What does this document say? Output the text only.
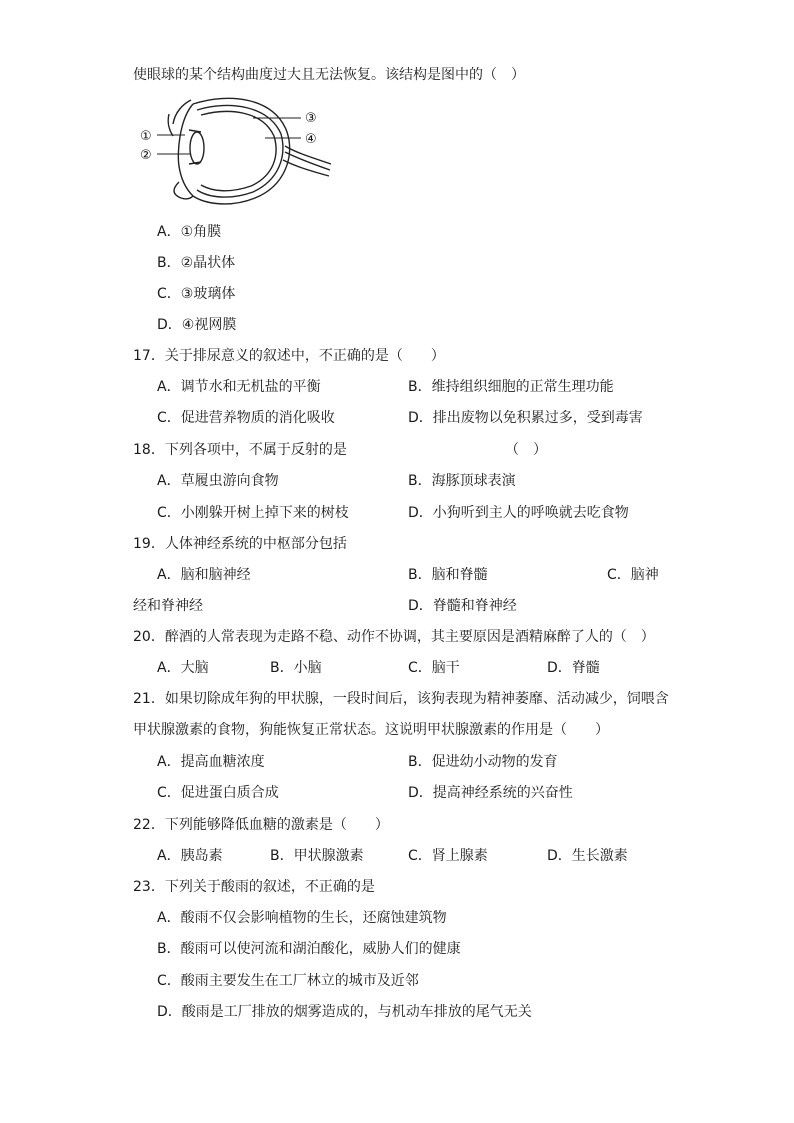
使眼球的某个结构曲度过大且无法恢复。该结构是图中的（　）
①
②
③
④
A．①角膜
B．②晶状体
C．③玻璃体
D．④视网膜
17．关于排尿意义的叙述中，不正确的是（　　）
A．调节水和无机盐的平衡	B．维持组织细胞的正常生理功能
C．促进营养物质的消化吸收	D．排出废物以免积累过多，受到毒害
18．下列各项中，不属于反射的是	（　）
A．草履虫游向食物	B．海豚顶球表演
C．小刚躲开树上掉下来的树枝	D．小狗听到主人的呼唤就去吃食物
19．人体神经系统的中枢部分包括
A．脑和脑神经	B．脑和脊髓	C．脑神
经和脊神经	D．脊髓和脊神经
20．醉酒的人常表现为走路不稳、动作不协调，其主要原因是酒精麻醉了人的（　）
A．大脑	B．小脑	C．脑干	D．脊髓
21．如果切除成年狗的甲状腺，一段时间后，该狗表现为精神萎靡、活动减少，饲喂含
甲状腺激素的食物，狗能恢复正常状态。这说明甲状腺激素的作用是（　　）
A．提高血糖浓度	B．促进幼小动物的发育
C．促进蛋白质合成	D．提高神经系统的兴奋性
22．下列能够降低血糖的激素是（　　）
A．胰岛素	B．甲状腺激素	C．肾上腺素	D．生长激素
23．下列关于酸雨的叙述，不正确的是
A．酸雨不仅会影响植物的生长，还腐蚀建筑物
B．酸雨可以使河流和湖泊酸化，威胁人们的健康
C．酸雨主要发生在工厂林立的城市及近邻
D．酸雨是工厂排放的烟雾造成的，与机动车排放的尾气无关
